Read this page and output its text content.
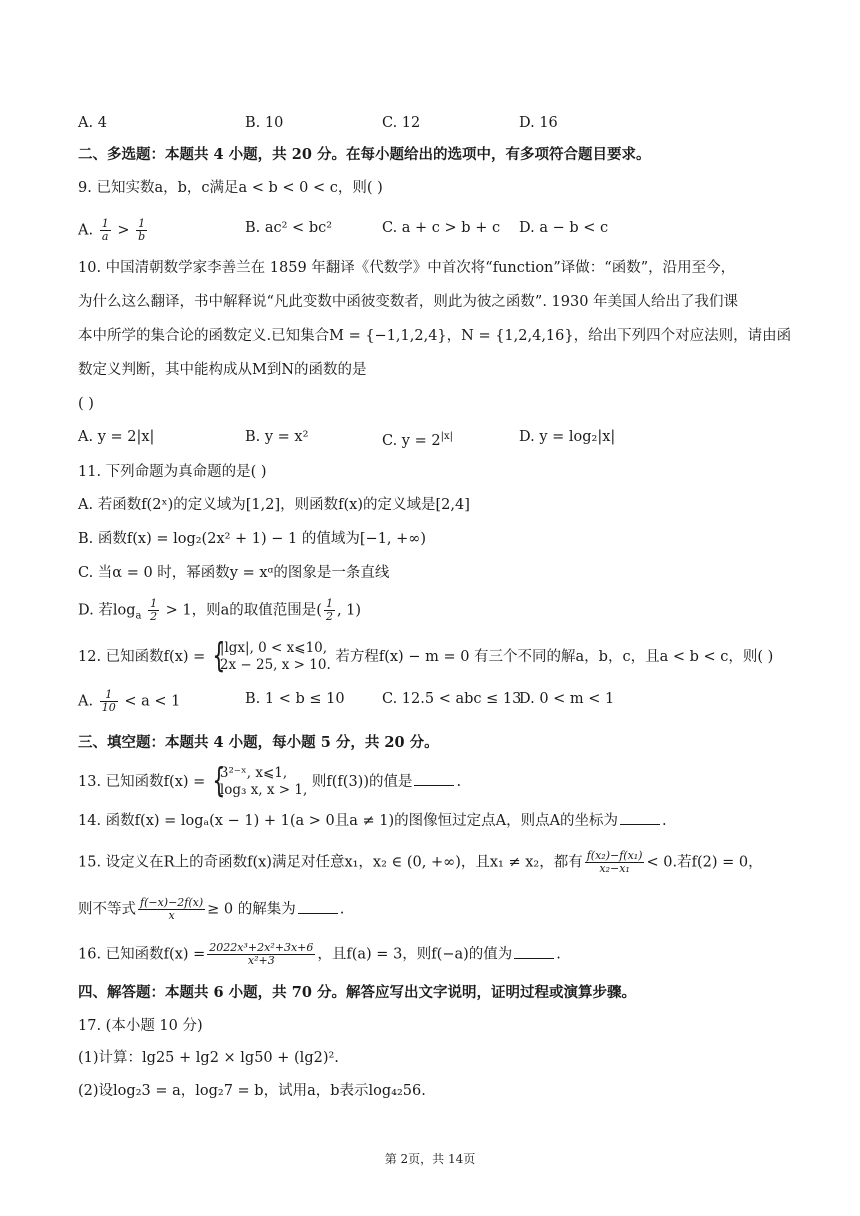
A. 4	B. 10	C. 12	D. 16
二、多选题：本题共 4 小题，共 20 分。在每小题给出的选项中，有多项符合题目要求。
9. 已知实数a，b，c满足a < b < 0 < c，则( )
A. $\frac{1}{a} > \frac{1}{b}$	B. ac² < bc²	C. a + c > b + c D. a − b < c
10. 中国清朝数学家李善兰在 1859 年翻译《代数学》中首次将“function”译做：“函数”，沿用至今，
为什么这么翻译，书中解释说“凡此变数中函彼变数者，则此为彼之函数”. 1930 年美国人给出了我们课
本中所学的集合论的函数定义.已知集合M = {−1,1,2,4}，N = {1,2,4,16}，给出下列四个对应法则，请由函
数定义判断，其中能构成从M到N的函数的是
( )
A. y = 2|x|	B. y = x²	C. $y = 2^{|x|}$	D. y = log₂|x|
11. 下列命题为真命题的是( )
A. 若函数f(2ˣ)的定义域为[1,2]，则函数f(x)的定义域是[2,4]
B. 函数f(x) = log₂(2x² + 1) − 1 的值域为[−1, +∞)
C. 当α = 0 时，幂函数y = xᵅ的图象是一条直线
D. 若$\log_a \frac{1}{2} > 1$，则a的取值范围是( $\frac{1}{2}$ , 1)
12. 已知函数f(x) =
{ |lgx|, 0 < x⩽10,
2x − 25, x > 10. 若方程f(x) − m = 0 有三个不同的解a，b，c，且a < b < c，则( )
A. $\frac{1}{10} < a < 1$	B. 1 < b ≤ 10	C. 12.5 < abc ≤ 13
D. 0 < m < 1
三、填空题：本题共 4 小题，每小题 5 分，共 20 分。
13. 已知函数f(x) =
{ 3²⁻ˣ, x⩽1,
log₃ x, x > 1, 则f(f(3))的值是	.
14. 函数f(x) = logₐ(x − 1) + 1(a > 0且a ≠ 1)的图像恒过定点A，则点A的坐标为	.
15. 设定义在R上的奇函数f(x)满足对任意x₁，x₂ ∈ (0, +∞)，且x₁ ≠ x₂，都有 $\frac{\text{f(x₂)−f(x₁)}}{\text{x₂−x₁}} < 0$.若f(2) = 0，
则不等式 $\frac{f(-x)-2f(x)}{x} \ge 0$ 的解集为	.
16. 已知函数$f(x) = \frac{\text{2022x³+2x²+3x+6}}{\text{x²+3}}$ ，且f(a) = 3，则f(−a)的值为	.
四、解答题：本题共 6 小题，共 70 分。解答应写出文字说明，证明过程或演算步骤。
17. (本小题 10 分)
(1)计算：lg25 + lg2 × lg50 + (lg2)².
(2)设log₂3 = a，log₂7 = b，试用a，b表示log₄₂56.
第 2页，共 14页
